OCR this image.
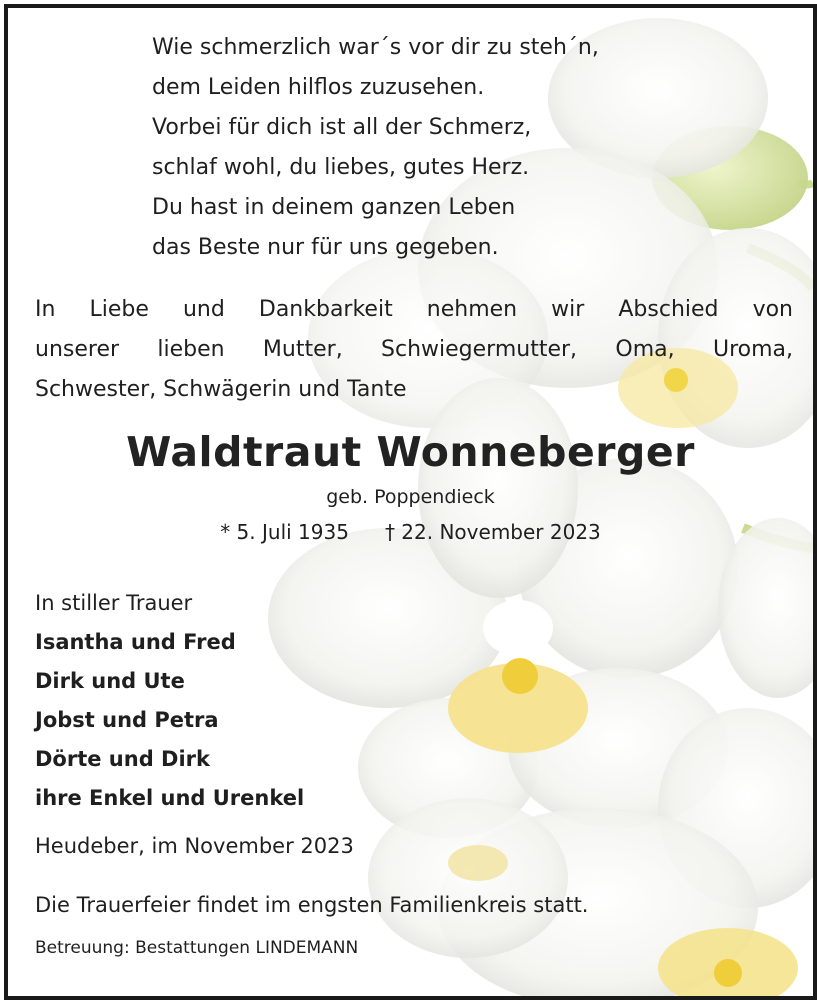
Wie schmerzlich war´s vor dir zu steh´n,
dem Leiden hilflos zuzusehen.
Vorbei für dich ist all der Schmerz,
schlaf wohl, du liebes, gutes Herz.
Du hast in deinem ganzen Leben
das Beste nur für uns gegeben.
In Liebe und Dankbarkeit nehmen wir Abschied von
unserer lieben Mutter, Schwiegermutter, Oma, Uroma,
Schwester, Schwägerin und Tante
Waldtraut Wonneberger
geb. Poppendieck
* 5. Juli 1935 † 22. November 2023
In stiller Trauer
Isantha und Fred
Dirk und Ute
Jobst und Petra
Dörte und Dirk
ihre Enkel und Urenkel
Heudeber, im November 2023
Die Trauerfeier findet im engsten Familienkreis statt.
Betreuung: Bestattungen LINDEMANN
